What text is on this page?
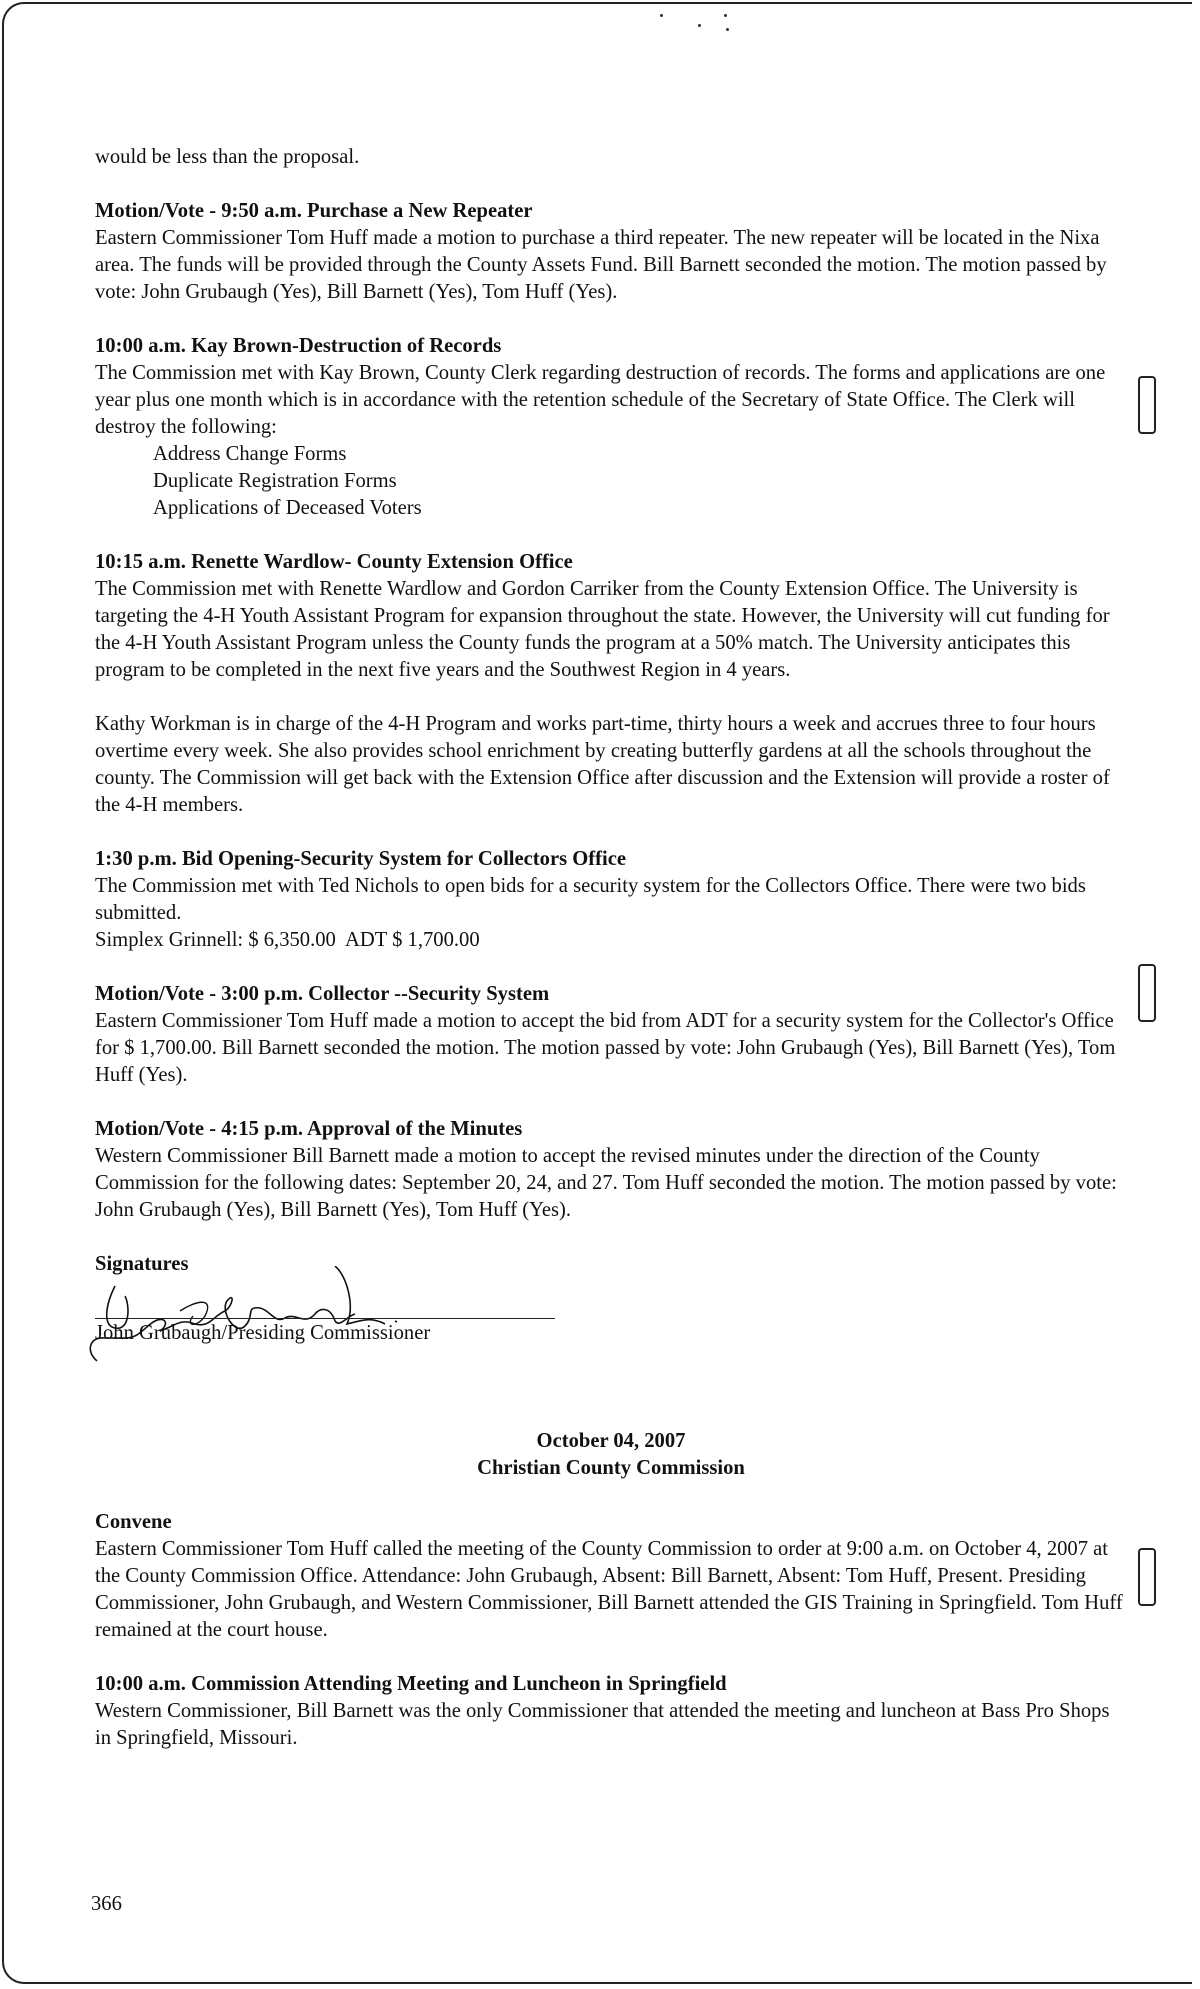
would be less than the proposal.

Motion/Vote - 9:50 a.m. Purchase a New Repeater

Eastern Commissioner Tom Huff made a motion to purchase a third repeater. The new repeater will be located in the Nixa area. The funds will be provided through the County Assets Fund. Bill Barnett seconded the motion. The motion passed by vote: John Grubaugh (Yes), Bill Barnett (Yes), Tom Huff (Yes).

10:00 a.m. Kay Brown-Destruction of Records

The Commission met with Kay Brown, County Clerk regarding destruction of records. The forms and applications are one year plus one month which is in accordance with the retention schedule of the Secretary of State Office. The Clerk will destroy the following:

Address Change Forms
Duplicate Registration Forms
Applications of Deceased Voters
10:15 a.m. Renette Wardlow- County Extension Office

The Commission met with Renette Wardlow and Gordon Carriker from the County Extension Office. The University is targeting the 4-H Youth Assistant Program for expansion throughout the state. However, the University will cut funding for the 4-H Youth Assistant Program unless the County funds the program at a 50% match. The University anticipates this program to be completed in the next five years and the Southwest Region in 4 years.

Kathy Workman is in charge of the 4-H Program and works part-time, thirty hours a week and accrues three to four hours overtime every week. She also provides school enrichment by creating butterfly gardens at all the schools throughout the county. The Commission will get back with the Extension Office after discussion and the Extension will provide a roster of the 4-H members.

1:30 p.m. Bid Opening-Security System for Collectors Office

The Commission met with Ted Nichols to open bids for a security system for the Collectors Office. There were two bids submitted.

Simplex Grinnell: $ 6,350.00  ADT $ 1,700.00

Motion/Vote - 3:00 p.m. Collector --Security System

Eastern Commissioner Tom Huff made a motion to accept the bid from ADT for a security system for the Collector's Office for $ 1,700.00. Bill Barnett seconded the motion. The motion passed by vote: John Grubaugh (Yes), Bill Barnett (Yes), Tom Huff (Yes).

Motion/Vote - 4:15 p.m. Approval of the Minutes

Western Commissioner Bill Barnett made a motion to accept the revised minutes under the direction of the County Commission for the following dates: September 20, 24, and 27. Tom Huff seconded the motion. The motion passed by vote: John Grubaugh (Yes), Bill Barnett (Yes), Tom Huff (Yes).

Signatures
John Grubaugh/Presiding Commissioner
October 04, 2007
Christian County Commission
Convene

Eastern Commissioner Tom Huff called the meeting of the County Commission to order at 9:00 a.m. on October 4, 2007 at the County Commission Office. Attendance: John Grubaugh, Absent: Bill Barnett, Absent: Tom Huff, Present. Presiding Commissioner, John Grubaugh, and Western Commissioner, Bill Barnett attended the GIS Training in Springfield. Tom Huff remained at the court house.

10:00 a.m. Commission Attending Meeting and Luncheon in Springfield

Western Commissioner, Bill Barnett was the only Commissioner that attended the meeting and luncheon at Bass Pro Shops in Springfield, Missouri.

366
